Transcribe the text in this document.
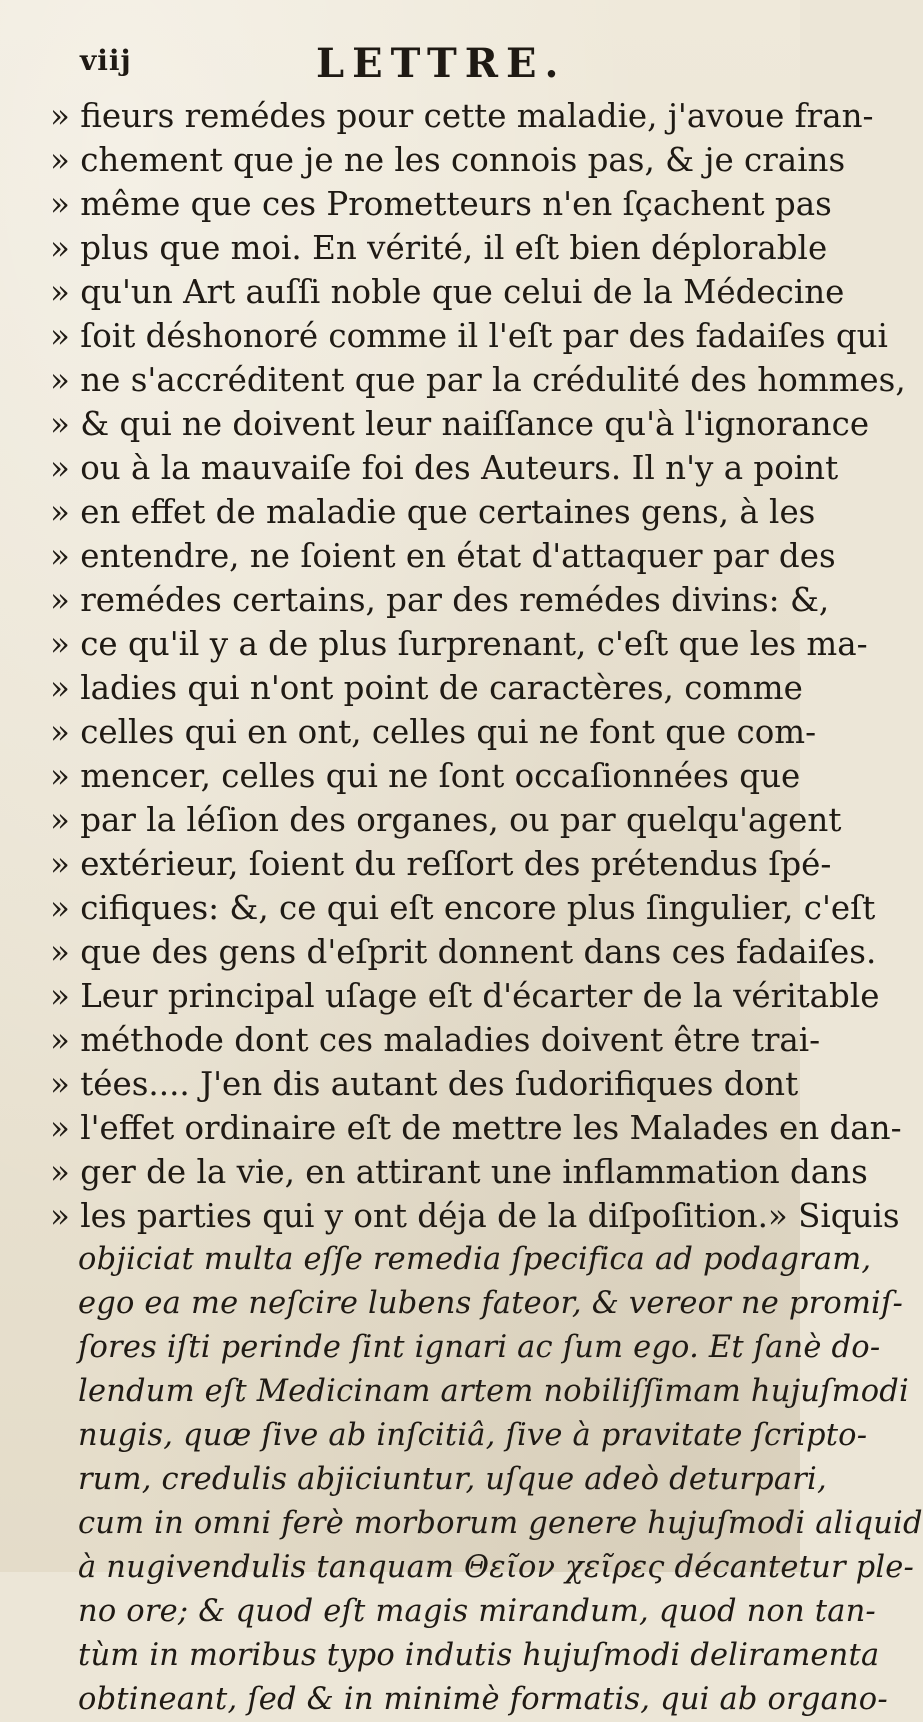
viij	LETTRE.
» fieurs remédes pour cette maladie, j'avoue fran-
» chement que je ne les connois pas, & je crains
» même que ces Prometteurs n'en ſçachent pas
» plus que moi. En vérité, il eſt bien déplorable
» qu'un Art auſſi noble que celui de la Médecine
» ſoit déshonoré comme il l'eſt par des fadaiſes qui
» ne s'accréditent que par la crédulité des hommes,
» & qui ne doivent leur naiſſance qu'à l'ignorance
» ou à la mauvaiſe foi des Auteurs. Il n'y a point
» en effet de maladie que certaines gens, à les
» entendre, ne ſoient en état d'attaquer par des
» remédes certains, par des remédes divins: &,
» ce qu'il y a de plus ſurprenant, c'eſt que les ma-
» ladies qui n'ont point de caractères, comme
» celles qui en ont, celles qui ne font que com-
» mencer, celles qui ne ſont occaſionnées que
» par la léſion des organes, ou par quelqu'agent
» extérieur, ſoient du reſſort des prétendus ſpé-
» cifiques: &, ce qui eſt encore plus ſingulier, c'eſt
» que des gens d'eſprit donnent dans ces fadaiſes.
» Leur principal uſage eſt d'écarter de la véritable
» méthode dont ces maladies doivent être trai-
» tées.... J'en dis autant des ſudorifiques dont
» l'effet ordinaire eſt de mettre les Malades en dan-
» ger de la vie, en attirant une inflammation dans
» les parties qui y ont déja de la diſpoſition.» Siquis
objiciat multa eſſe remedia ſpecifica ad podagram,
ego ea me neſcire lubens fateor, & vereor ne promiſ-
ſores iſti perinde ſint ignari ac ſum ego. Et ſanè do-
lendum eſt Medicinam artem nobiliſſimam hujuſmodi
nugis, quæ ſive ab inſcitiâ, ſive à pravitate ſcripto-
rum, credulis abjiciuntur, uſque adeò deturpari,
cum in omni ferè morborum genere hujuſmodi aliquid
à nugivendulis tanquam Θεῖον χεῖρες décantetur ple-
no ore; & quod eſt magis mirandum, quod non tan-
tùm in moribus typo indutis hujuſmodi deliramenta
obtineant, ſed & in minimè formatis, qui ab organo-
